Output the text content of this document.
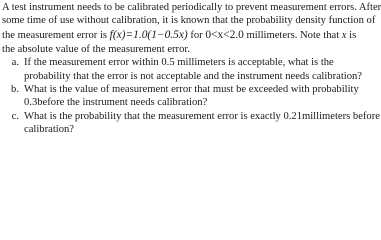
A test instrument needs to be calibrated periodically to prevent measurement errors. After
some time of use without calibration, it is known that the probability density function of
the measurement error is f(x)=1.0(1−0.5x) for 0<x<2.0 millimeters. Note that x is
the absolute value of the measurement error.
a. If the measurement error within 0.5 millimeters is acceptable, what is the
probability that the error is not acceptable and the instrument needs calibration?
b. What is the value of measurement error that must be exceeded with probability
0.3before the instrument needs calibration?
c. What is the probability that the measurement error is exactly 0.21millimeters before
calibration?
